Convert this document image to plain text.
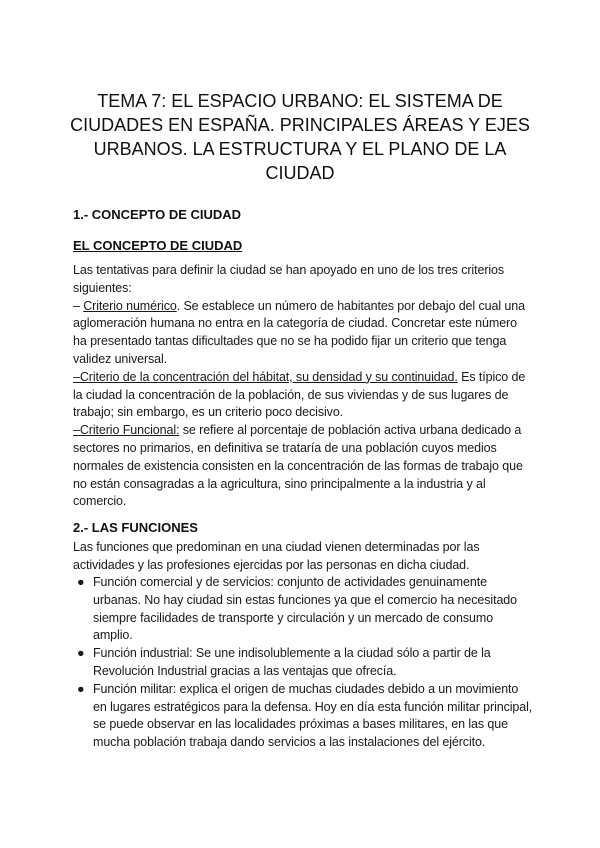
TEMA 7: EL ESPACIO URBANO: EL SISTEMA DE CIUDADES EN ESPAÑA. PRINCIPALES ÁREAS Y EJES URBANOS. LA ESTRUCTURA Y EL PLANO DE LA CIUDAD
1.- CONCEPTO DE CIUDAD
EL CONCEPTO DE CIUDAD

Las tentativas para definir la ciudad se han apoyado en uno de los tres criterios siguientes:

– Criterio numérico. Se establece un número de habitantes por debajo del cual una aglomeración humana no entra en la categoría de ciudad. Concretar este número ha presentado tantas dificultades que no se ha podido fijar un criterio que tenga validez universal.

–Criterio de la concentración del hábitat, su densidad y su continuidad. Es típico de la ciudad la concentración de la población, de sus viviendas y de sus lugares de trabajo; sin embargo, es un criterio poco decisivo.

–Criterio Funcional: se refiere al porcentaje de población activa urbana dedicado a sectores no primarios, en definitiva se trataría de una población cuyos medios normales de existencia consisten en la concentración de las formas de trabajo que no están consagradas a la agricultura, sino principalmente a la industria y al comercio.

2.- LAS FUNCIONES
Las funciones que predominan en una ciudad vienen determinadas por las actividades y las profesiones ejercidas por las personas en dicha ciudad.
● Función comercial y de servicios: conjunto de actividades genuinamente urbanas. No hay ciudad sin estas funciones ya que el comercio ha necesitado siempre facilidades de transporte y circulación y un mercado de consumo amplio.
● Función industrial: Se une indisolublemente a la ciudad sólo a partir de la Revolución Industrial gracias a las ventajas que ofrecía.
● Función militar: explica el origen de muchas ciudades debido a un movimiento en lugares estratégicos para la defensa. Hoy en día esta función militar principal, se puede observar en las localidades próximas a bases militares, en las que mucha población trabaja dando servicios a las instalaciones del ejército.
